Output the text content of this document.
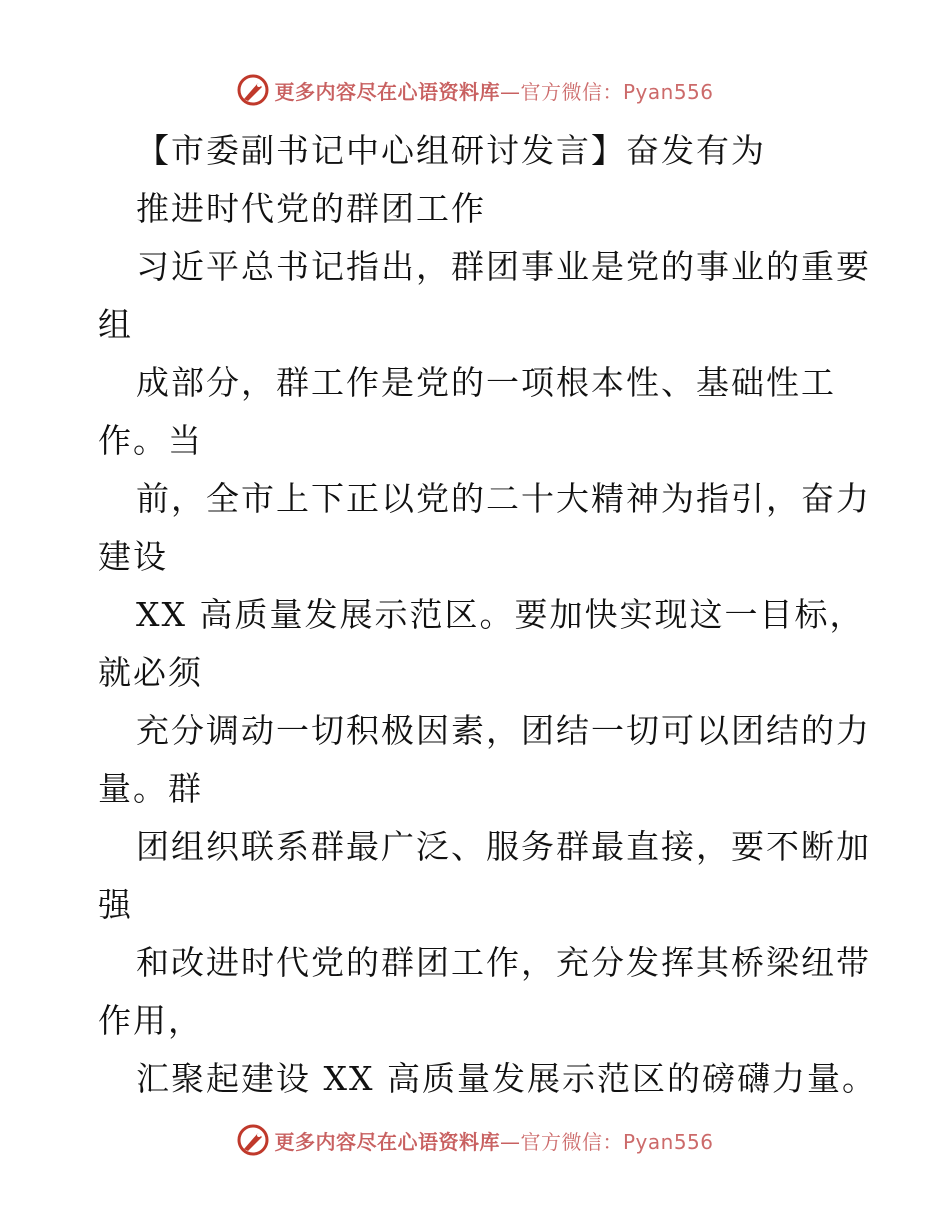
更多内容尽在心语资料库—官方微信：Pyan556
【市委副书记中心组研讨发言】奋发有为
推进时代党的群团工作
习近平总书记指出，群团事业是党的事业的重要
组
成部分，群工作是党的一项根本性、基础性工
作。当
前，全市上下正以党的二十大精神为指引，奋力
建设
XX 高质量发展示范区。要加快实现这一目标，
就必须
充分调动一切积极因素，团结一切可以团结的力
量。群
团组织联系群最广泛、服务群最直接，要不断加
强
和改进时代党的群团工作，充分发挥其桥梁纽带
作用，
汇聚起建设 XX 高质量发展示范区的磅礴力量。
更多内容尽在心语资料库—官方微信：Pyan556
